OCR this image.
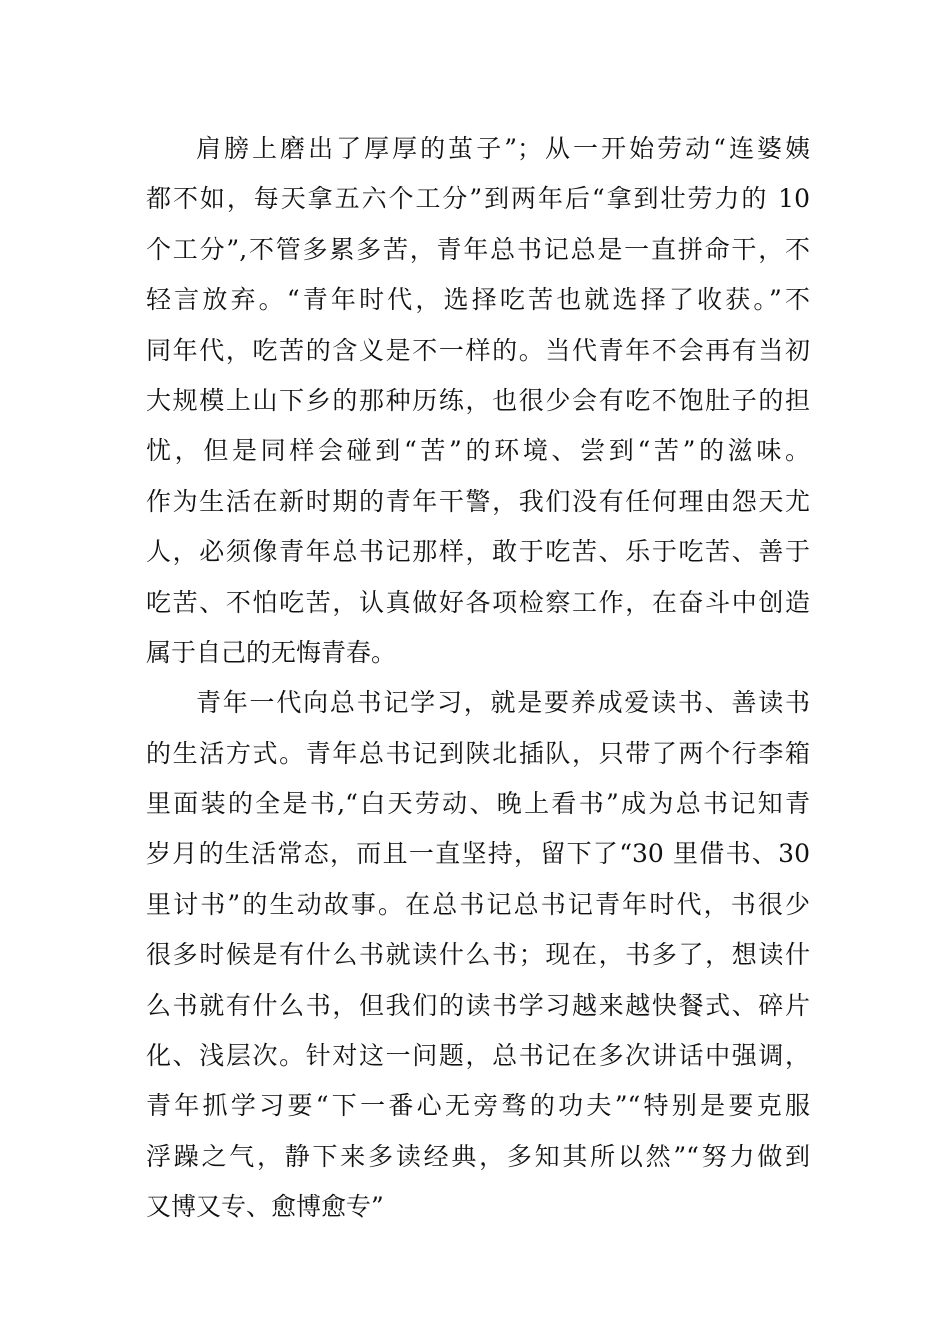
肩膀上磨出了厚厚的茧子”；从一开始劳动“连婆姨
都不如，每天拿五六个工分”到两年后“拿到壮劳力的 10
个工分”,不管多累多苦，青年总书记总是一直拼命干，不
轻言放弃。“青年时代，选择吃苦也就选择了收获。”不
同年代，吃苦的含义是不一样的。当代青年不会再有当初
大规模上山下乡的那种历练，也很少会有吃不饱肚子的担
忧，但是同样会碰到“苦”的环境、尝到“苦”的滋味。
作为生活在新时期的青年干警，我们没有任何理由怨天尤
人，必须像青年总书记那样，敢于吃苦、乐于吃苦、善于
吃苦、不怕吃苦，认真做好各项检察工作，在奋斗中创造
属于自己的无悔青春。
青年一代向总书记学习，就是要养成爱读书、善读书
的生活方式。青年总书记到陕北插队，只带了两个行李箱
里面装的全是书,“白天劳动、晚上看书”成为总书记知青
岁月的生活常态，而且一直坚持，留下了“30 里借书、30
里讨书”的生动故事。在总书记总书记青年时代，书很少
很多时候是有什么书就读什么书；现在，书多了，想读什
么书就有什么书，但我们的读书学习越来越快餐式、碎片
化、浅层次。针对这一问题，总书记在多次讲话中强调，
青年抓学习要“下一番心无旁骛的功夫”“特别是要克服
浮躁之气，静下来多读经典，多知其所以然”“努力做到
又博又专、愈博愈专”
